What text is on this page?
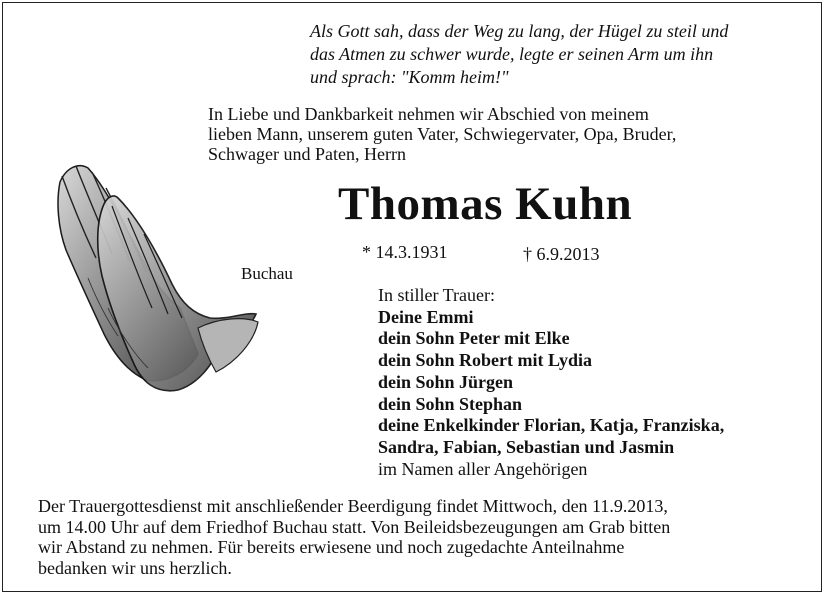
Als Gott sah, dass der Weg zu lang, der Hügel zu steil und
das Atmen zu schwer wurde, legte er seinen Arm um ihn
und sprach: "Komm heim!"

In Liebe und Dankbarkeit nehmen wir Abschied von meinem
lieben Mann, unserem guten Vater, Schwiegervater, Opa, Bruder,
Schwager und Paten, Herrn

Thomas Kuhn
* 14.3.1931	† 6.9.2013
Buchau
In stiller Trauer:
Deine Emmi
dein Sohn Peter mit Elke
dein Sohn Robert mit Lydia
dein Sohn Jürgen
dein Sohn Stephan
deine Enkelkinder Florian, Katja, Franziska,
Sandra, Fabian, Sebastian und Jasmin
im Namen aller Angehörigen

Der Trauergottesdienst mit anschließender Beerdigung findet Mittwoch, den 11.9.2013,
um 14.00 Uhr auf dem Friedhof Buchau statt. Von Beileidsbezeugungen am Grab bitten
wir Abstand zu nehmen. Für bereits erwiesene und noch zugedachte Anteilnahme
bedanken wir uns herzlich.
